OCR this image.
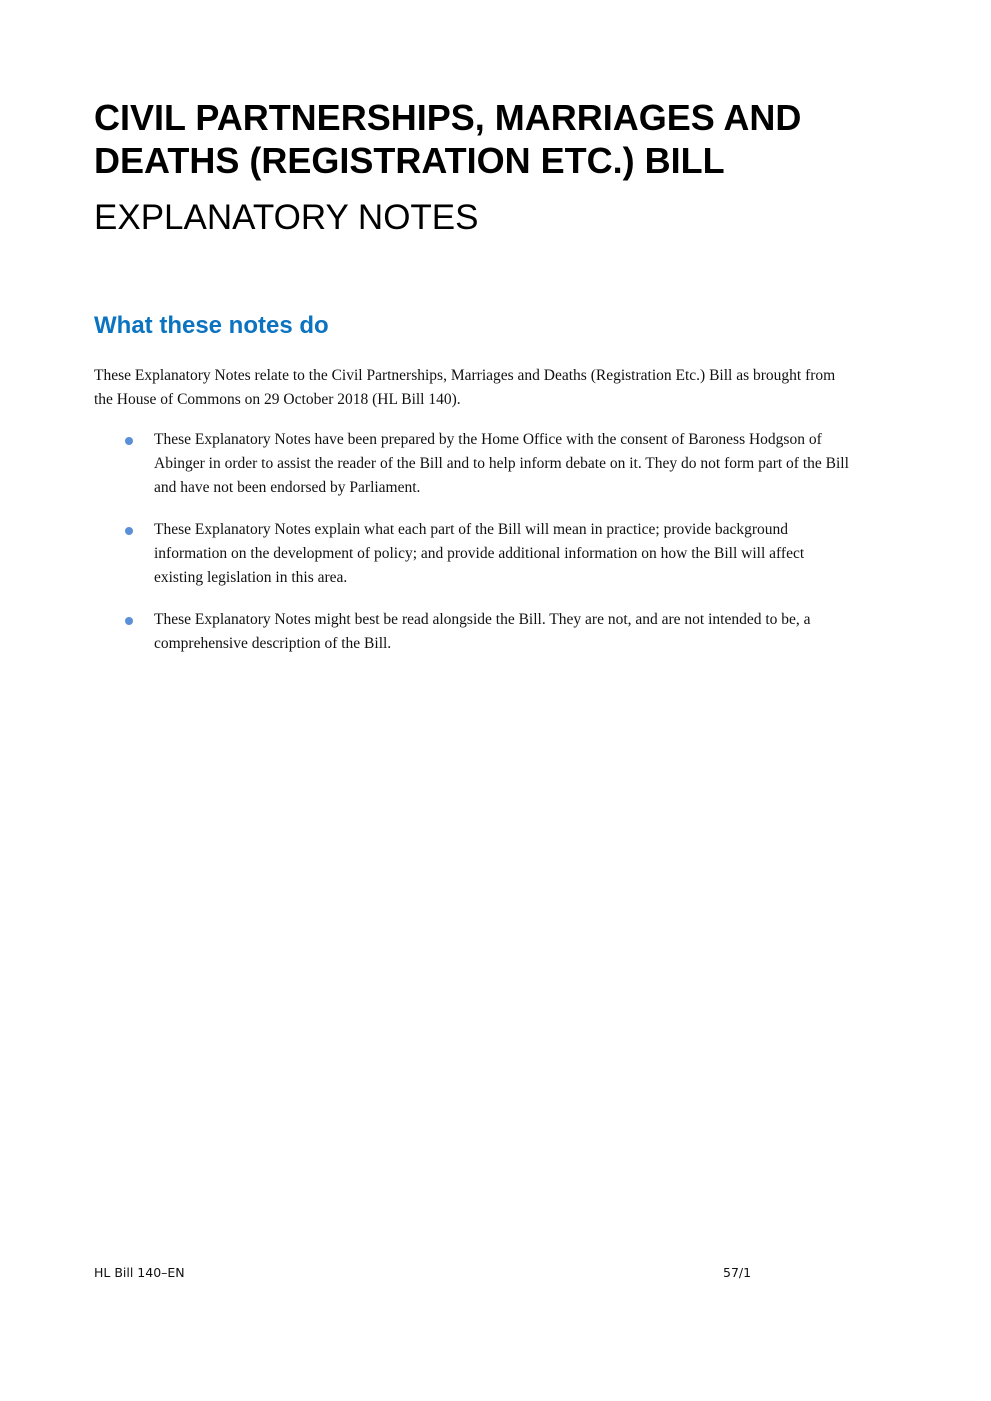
CIVIL PARTNERSHIPS, MARRIAGES AND DEATHS (REGISTRATION ETC.) BILL
EXPLANATORY NOTES
What these notes do

These Explanatory Notes relate to the Civil Partnerships, Marriages and Deaths (Registration Etc.) Bill as brought from the House of Commons on 29 October 2018 (HL Bill 140).

These Explanatory Notes have been prepared by the Home Office with the consent of Baroness Hodgson of Abinger in order to assist the reader of the Bill and to help inform debate on it. They do not form part of the Bill and have not been endorsed by Parliament.
These Explanatory Notes explain what each part of the Bill will mean in practice; provide background information on the development of policy; and provide additional information on how the Bill will affect existing legislation in this area.
These Explanatory Notes might best be read alongside the Bill. They are not, and are not intended to be, a comprehensive description of the Bill.
HL Bill 140–EN	57/1
